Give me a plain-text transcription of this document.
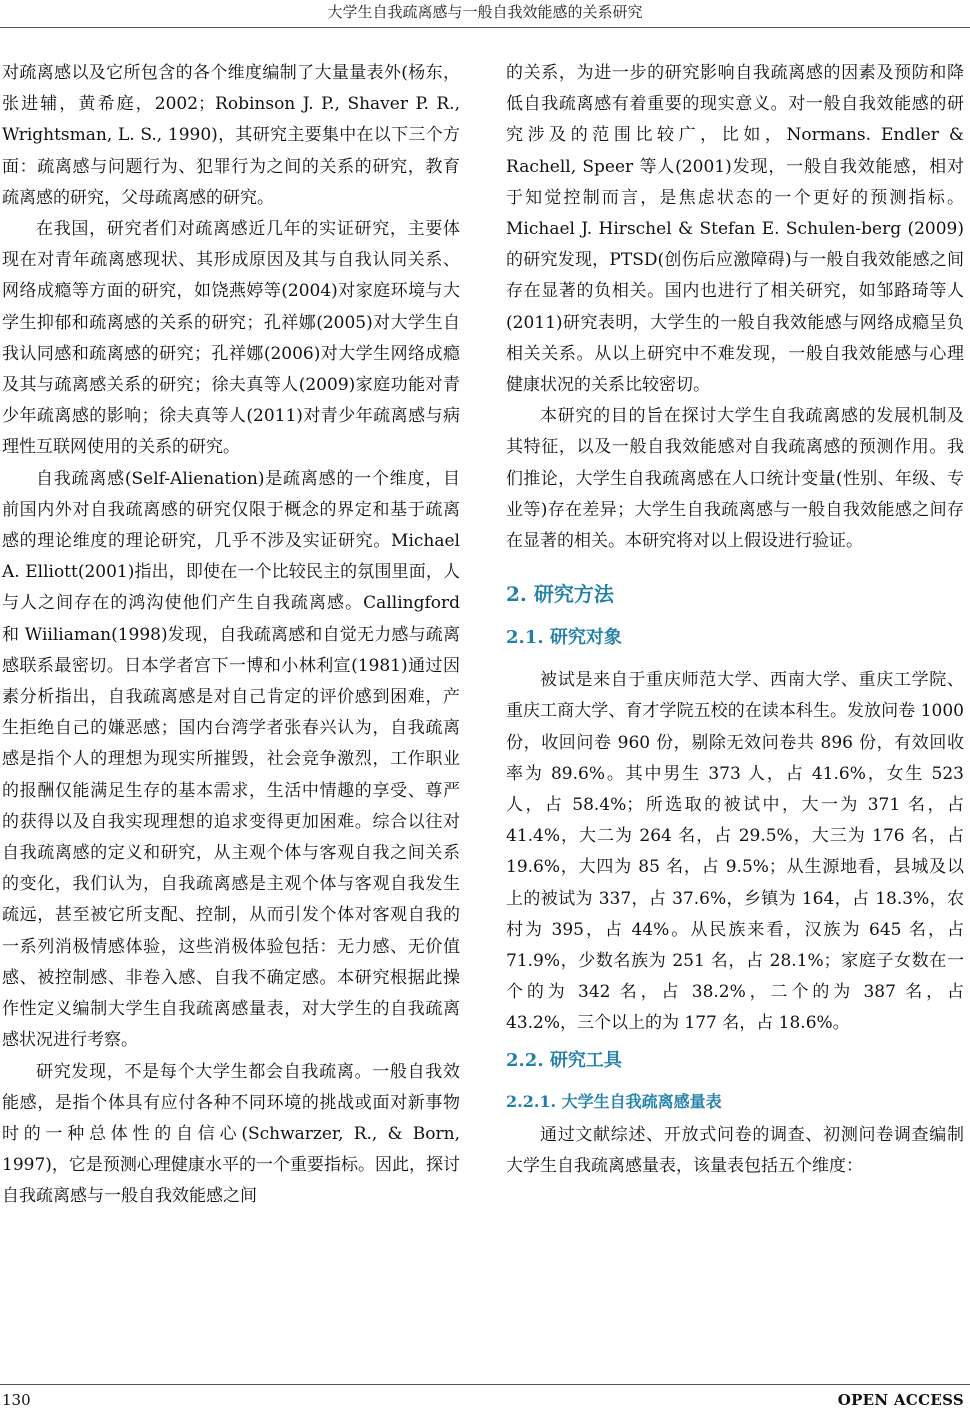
大学生自我疏离感与一般自我效能感的关系研究

对疏离感以及它所包含的各个维度编制了大量量表外(杨东，张进辅，黄希庭，2002；Robinson J. P., Shaver P. R., Wrightsman, L. S., 1990)，其研究主要集中在以下三个方面：疏离感与问题行为、犯罪行为之间的关系的研究，教育疏离感的研究，父母疏离感的研究。

在我国，研究者们对疏离感近几年的实证研究，主要体现在对青年疏离感现状、其形成原因及其与自我认同关系、网络成瘾等方面的研究，如饶燕婷等(2004)对家庭环境与大学生抑郁和疏离感的关系的研究；孔祥娜(2005)对大学生自我认同感和疏离感的研究；孔祥娜(2006)对大学生网络成瘾及其与疏离感关系的研究；徐夫真等人(2009)家庭功能对青少年疏离感的影响；徐夫真等人(2011)对青少年疏离感与病理性互联网使用的关系的研究。

自我疏离感(Self-Alienation)是疏离感的一个维度，目前国内外对自我疏离感的研究仅限于概念的界定和基于疏离感的理论维度的理论研究，几乎不涉及实证研究。Michael A. Elliott(2001)指出，即使在一个比较民主的氛围里面，人与人之间存在的鸿沟使他们产生自我疏离感。Callingford 和 Wiiliaman(1998)发现，自我疏离感和自觉无力感与疏离感联系最密切。日本学者宫下一博和小林利宣(1981)通过因素分析指出，自我疏离感是对自己肯定的评价感到困难，产生拒绝自己的嫌恶感；国内台湾学者张春兴认为，自我疏离感是指个人的理想为现实所摧毁，社会竞争激烈，工作职业的报酬仅能满足生存的基本需求，生活中情趣的享受、尊严的获得以及自我实现理想的追求变得更加困难。综合以往对自我疏离感的定义和研究，从主观个体与客观自我之间关系的变化，我们认为，自我疏离感是主观个体与客观自我发生疏远，甚至被它所支配、控制，从而引发个体对客观自我的一系列消极情感体验，这些消极体验包括：无力感、无价值感、被控制感、非卷入感、自我不确定感。本研究根据此操作性定义编制大学生自我疏离感量表，对大学生的自我疏离感状况进行考察。

研究发现，不是每个大学生都会自我疏离。一般自我效能感，是指个体具有应付各种不同环境的挑战或面对新事物时的一种总体性的自信心(Schwarzer, R., & Born, 1997)，它是预测心理健康水平的一个重要指标。因此，探讨自我疏离感与一般自我效能感之间

的关系，为进一步的研究影响自我疏离感的因素及预防和降低自我疏离感有着重要的现实意义。对一般自我效能感的研究涉及的范围比较广，比如，Normans. Endler & Rachell, Speer 等人(2001)发现，一般自我效能感，相对于知觉控制而言，是焦虑状态的一个更好的预测指标。Michael J. Hirschel & Stefan E. Schulen-berg (2009)的研究发现，PTSD(创伤后应激障碍)与一般自我效能感之间存在显著的负相关。国内也进行了相关研究，如邹路琦等人(2011)研究表明，大学生的一般自我效能感与网络成瘾呈负相关关系。从以上研究中不难发现，一般自我效能感与心理健康状况的关系比较密切。

本研究的目的旨在探讨大学生自我疏离感的发展机制及其特征，以及一般自我效能感对自我疏离感的预测作用。我们推论，大学生自我疏离感在人口统计变量(性别、年级、专业等)存在差异；大学生自我疏离感与一般自我效能感之间存在显著的相关。本研究将对以上假设进行验证。

2. 研究方法
2.1. 研究对象

被试是来自于重庆师范大学、西南大学、重庆工学院、重庆工商大学、育才学院五校的在读本科生。发放问卷 1000 份，收回问卷 960 份，剔除无效问卷共 896 份，有效回收率为 89.6%。其中男生 373 人，占 41.6%，女生 523 人，占 58.4%；所选取的被试中，大一为 371 名，占 41.4%，大二为 264 名，占 29.5%，大三为 176 名，占 19.6%，大四为 85 名，占 9.5%；从生源地看，县城及以上的被试为 337，占 37.6%，乡镇为 164，占 18.3%，农村为 395，占 44%。从民族来看，汉族为 645 名，占 71.9%，少数名族为 251 名，占 28.1%；家庭子女数在一个的为 342 名，占 38.2%，二个的为 387 名，占 43.2%，三个以上的为 177 名，占 18.6%。

2.2. 研究工具
2.2.1. 大学生自我疏离感量表

通过文献综述、开放式问卷的调查、初测问卷调查编制大学生自我疏离感量表，该量表包括五个维度：

130	OPEN ACCESS
